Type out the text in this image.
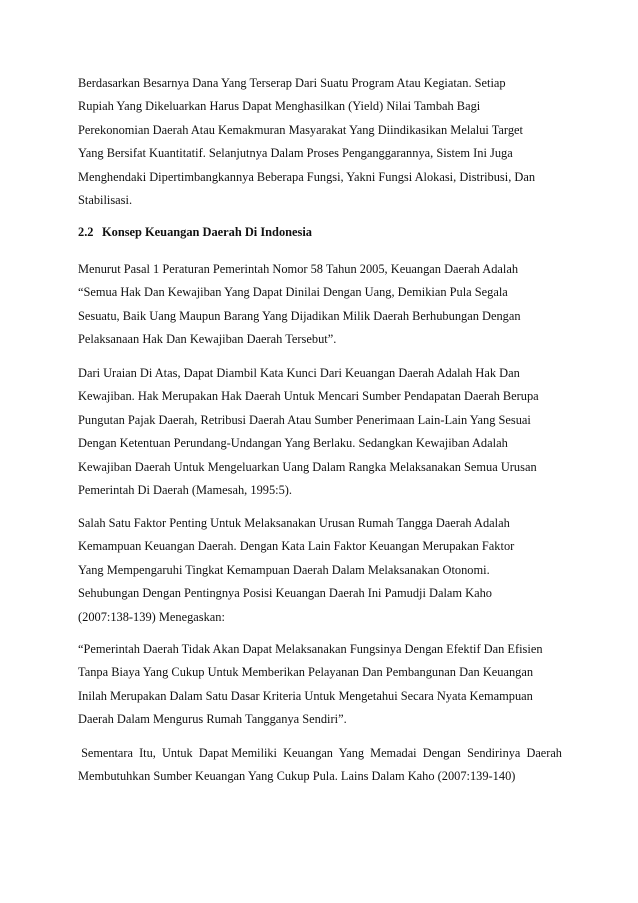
Berdasarkan Besarnya Dana Yang Terserap Dari Suatu Program Atau Kegiatan. Setiap
Rupiah Yang Dikeluarkan Harus Dapat Menghasilkan (Yield) Nilai Tambah Bagi
Perekonomian Daerah Atau Kemakmuran Masyarakat Yang Diindikasikan Melalui Target
Yang Bersifat Kuantitatif. Selanjutnya Dalam Proses Penganggarannya, Sistem Ini Juga
Menghendaki Dipertimbangkannya Beberapa Fungsi, Yakni Fungsi Alokasi, Distribusi, Dan
Stabilisasi.
2.2 Konsep Keuangan Daerah Di Indonesia
Menurut Pasal 1 Peraturan Pemerintah Nomor 58 Tahun 2005, Keuangan Daerah Adalah
“Semua Hak Dan Kewajiban Yang Dapat Dinilai Dengan Uang, Demikian Pula Segala
Sesuatu, Baik Uang Maupun Barang Yang Dijadikan Milik Daerah Berhubungan Dengan
Pelaksanaan Hak Dan Kewajiban Daerah Tersebut”.
Dari Uraian Di Atas, Dapat Diambil Kata Kunci Dari Keuangan Daerah Adalah Hak Dan
Kewajiban. Hak Merupakan Hak Daerah Untuk Mencari Sumber Pendapatan Daerah Berupa
Pungutan Pajak Daerah, Retribusi Daerah Atau Sumber Penerimaan Lain-Lain Yang Sesuai
Dengan Ketentuan Perundang-Undangan Yang Berlaku. Sedangkan Kewajiban Adalah
Kewajiban Daerah Untuk Mengeluarkan Uang Dalam Rangka Melaksanakan Semua Urusan
Pemerintah Di Daerah (Mamesah, 1995:5).
Salah Satu Faktor Penting Untuk Melaksanakan Urusan Rumah Tangga Daerah Adalah
Kemampuan Keuangan Daerah. Dengan Kata Lain Faktor Keuangan Merupakan Faktor
Yang Mempengaruhi Tingkat Kemampuan Daerah Dalam Melaksanakan Otonomi.
Sehubungan Dengan Pentingnya Posisi Keuangan Daerah Ini Pamudji Dalam Kaho
(2007:138-139) Menegaskan:
“Pemerintah Daerah Tidak Akan Dapat Melaksanakan Fungsinya Dengan Efektif Dan Efisien
Tanpa Biaya Yang Cukup Untuk Memberikan Pelayanan Dan Pembangunan Dan Keuangan
Inilah Merupakan Dalam Satu Dasar Kriteria Untuk Mengetahui Secara Nyata Kemampuan
Daerah Dalam Mengurus Rumah Tangganya Sendiri”.
Sementara  Itu,  Untuk  Dapat Memiliki  Keuangan  Yang  Memadai  Dengan  Sendirinya  Daerah
Membutuhkan Sumber Keuangan Yang Cukup Pula. Lains Dalam Kaho (2007:139-140)
